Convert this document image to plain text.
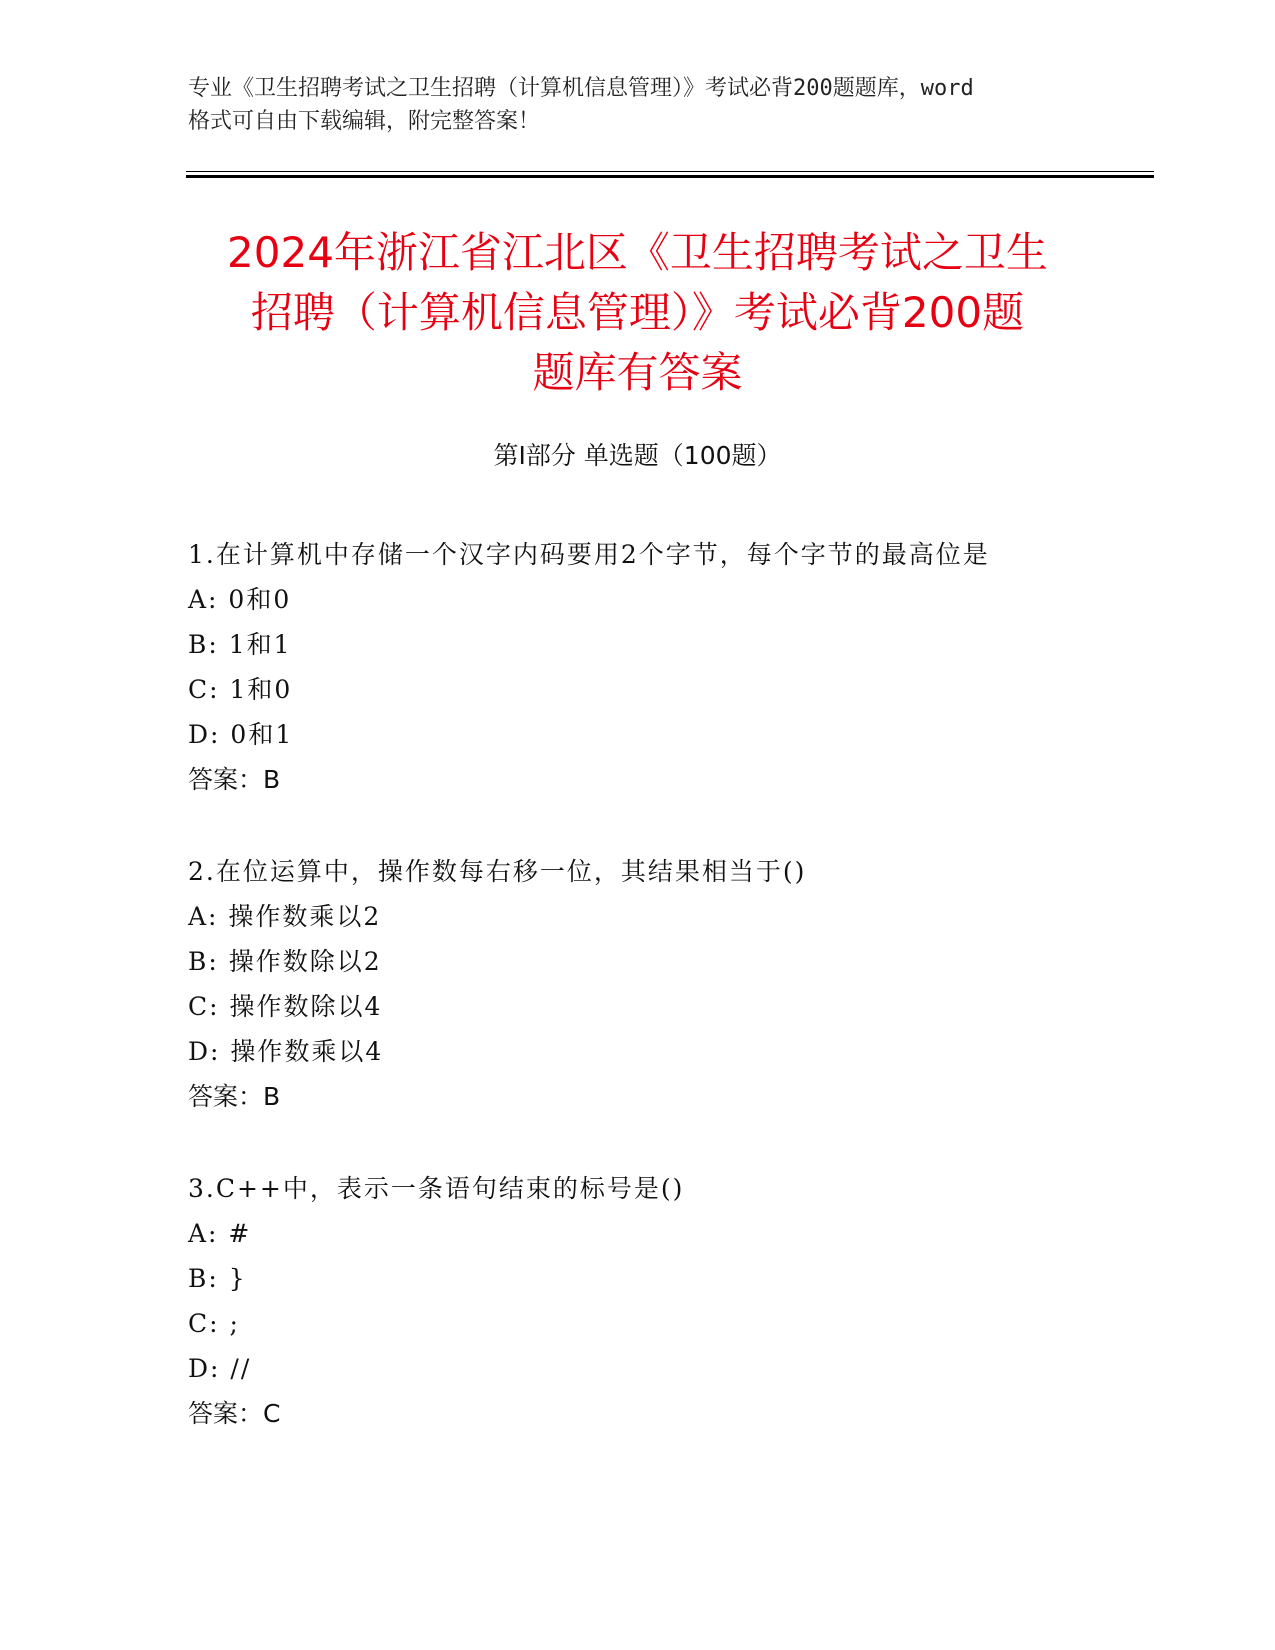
专业《卫生招聘考试之卫生招聘（计算机信息管理）》考试必背200题题库，word
格式可自由下载编辑，附完整答案！
2024年浙江省江北区《卫生招聘考试之卫生
招聘（计算机信息管理）》考试必背200题
题库有答案
第Ⅰ部分 单选题（100题）
1.在计算机中存储一个汉字内码要用2个字节，每个字节的最高位是
A: 0和0
B: 1和1
C: 1和0
D: 0和1
答案：B
2.在位运算中，操作数每右移一位，其结果相当于()
A: 操作数乘以2
B: 操作数除以2
C: 操作数除以4
D: 操作数乘以4
答案：B
3.C++中，表示一条语句结束的标号是()
A: #
B: }
C: ;
D: //
答案：C
